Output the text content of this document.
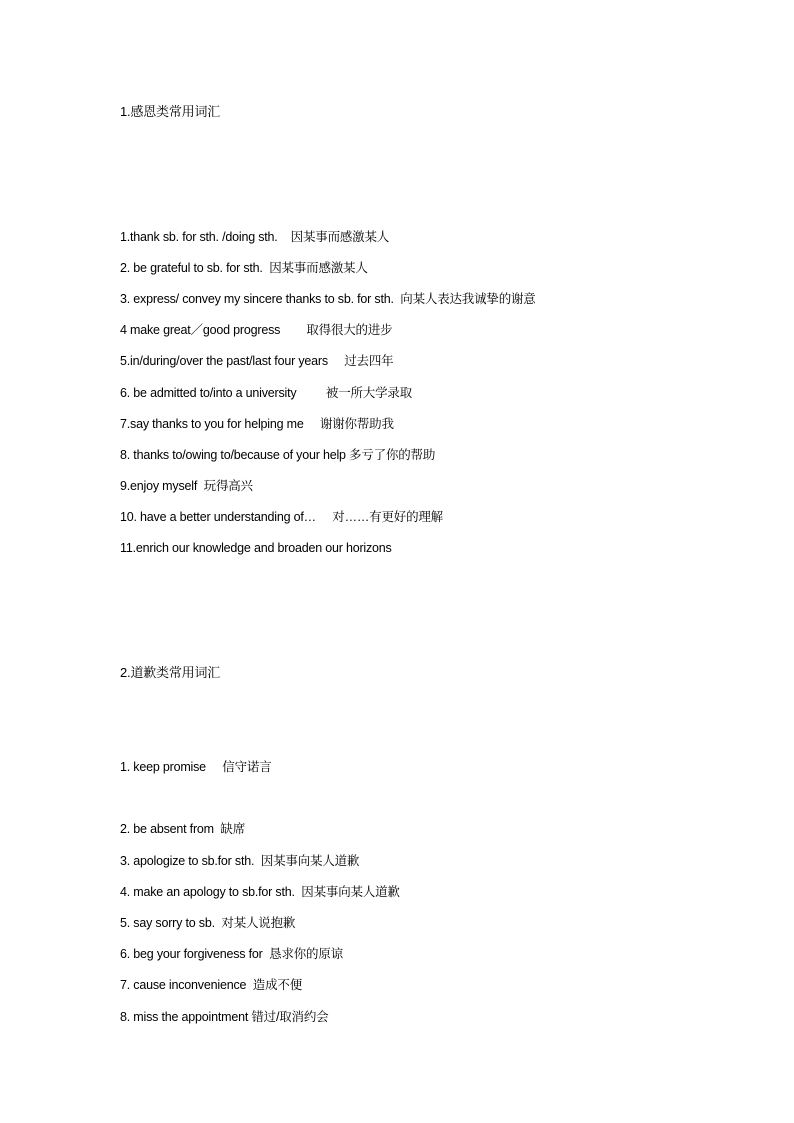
1.感恩类常用词汇
1.thank sb. for sth. /doing sth.    因某事而感激某人
2. be grateful to sb. for sth.  因某事而感激某人
3. express/ convey my sincere thanks to sb. for sth.  向某人表达我诚挚的谢意
4 make great／good progress        取得很大的进步
5.in/during/over the past/last four years     过去四年
6. be admitted to/into a university         被一所大学录取
7.say thanks to you for helping me     谢谢你帮助我
8. thanks to/owing to/because of your help 多亏了你的帮助
9.enjoy myself  玩得高兴
10. have a better understanding of…     对……有更好的理解
11.enrich our knowledge and broaden our horizons
2.道歉类常用词汇
1. keep promise     信守诺言
2. be absent from  缺席
3. apologize to sb.for sth.  因某事向某人道歉
4. make an apology to sb.for sth.  因某事向某人道歉
5. say sorry to sb.  对某人说抱歉
6. beg your forgiveness for  恳求你的原谅
7. cause inconvenience  造成不便
8. miss the appointment 错过/取消约会
